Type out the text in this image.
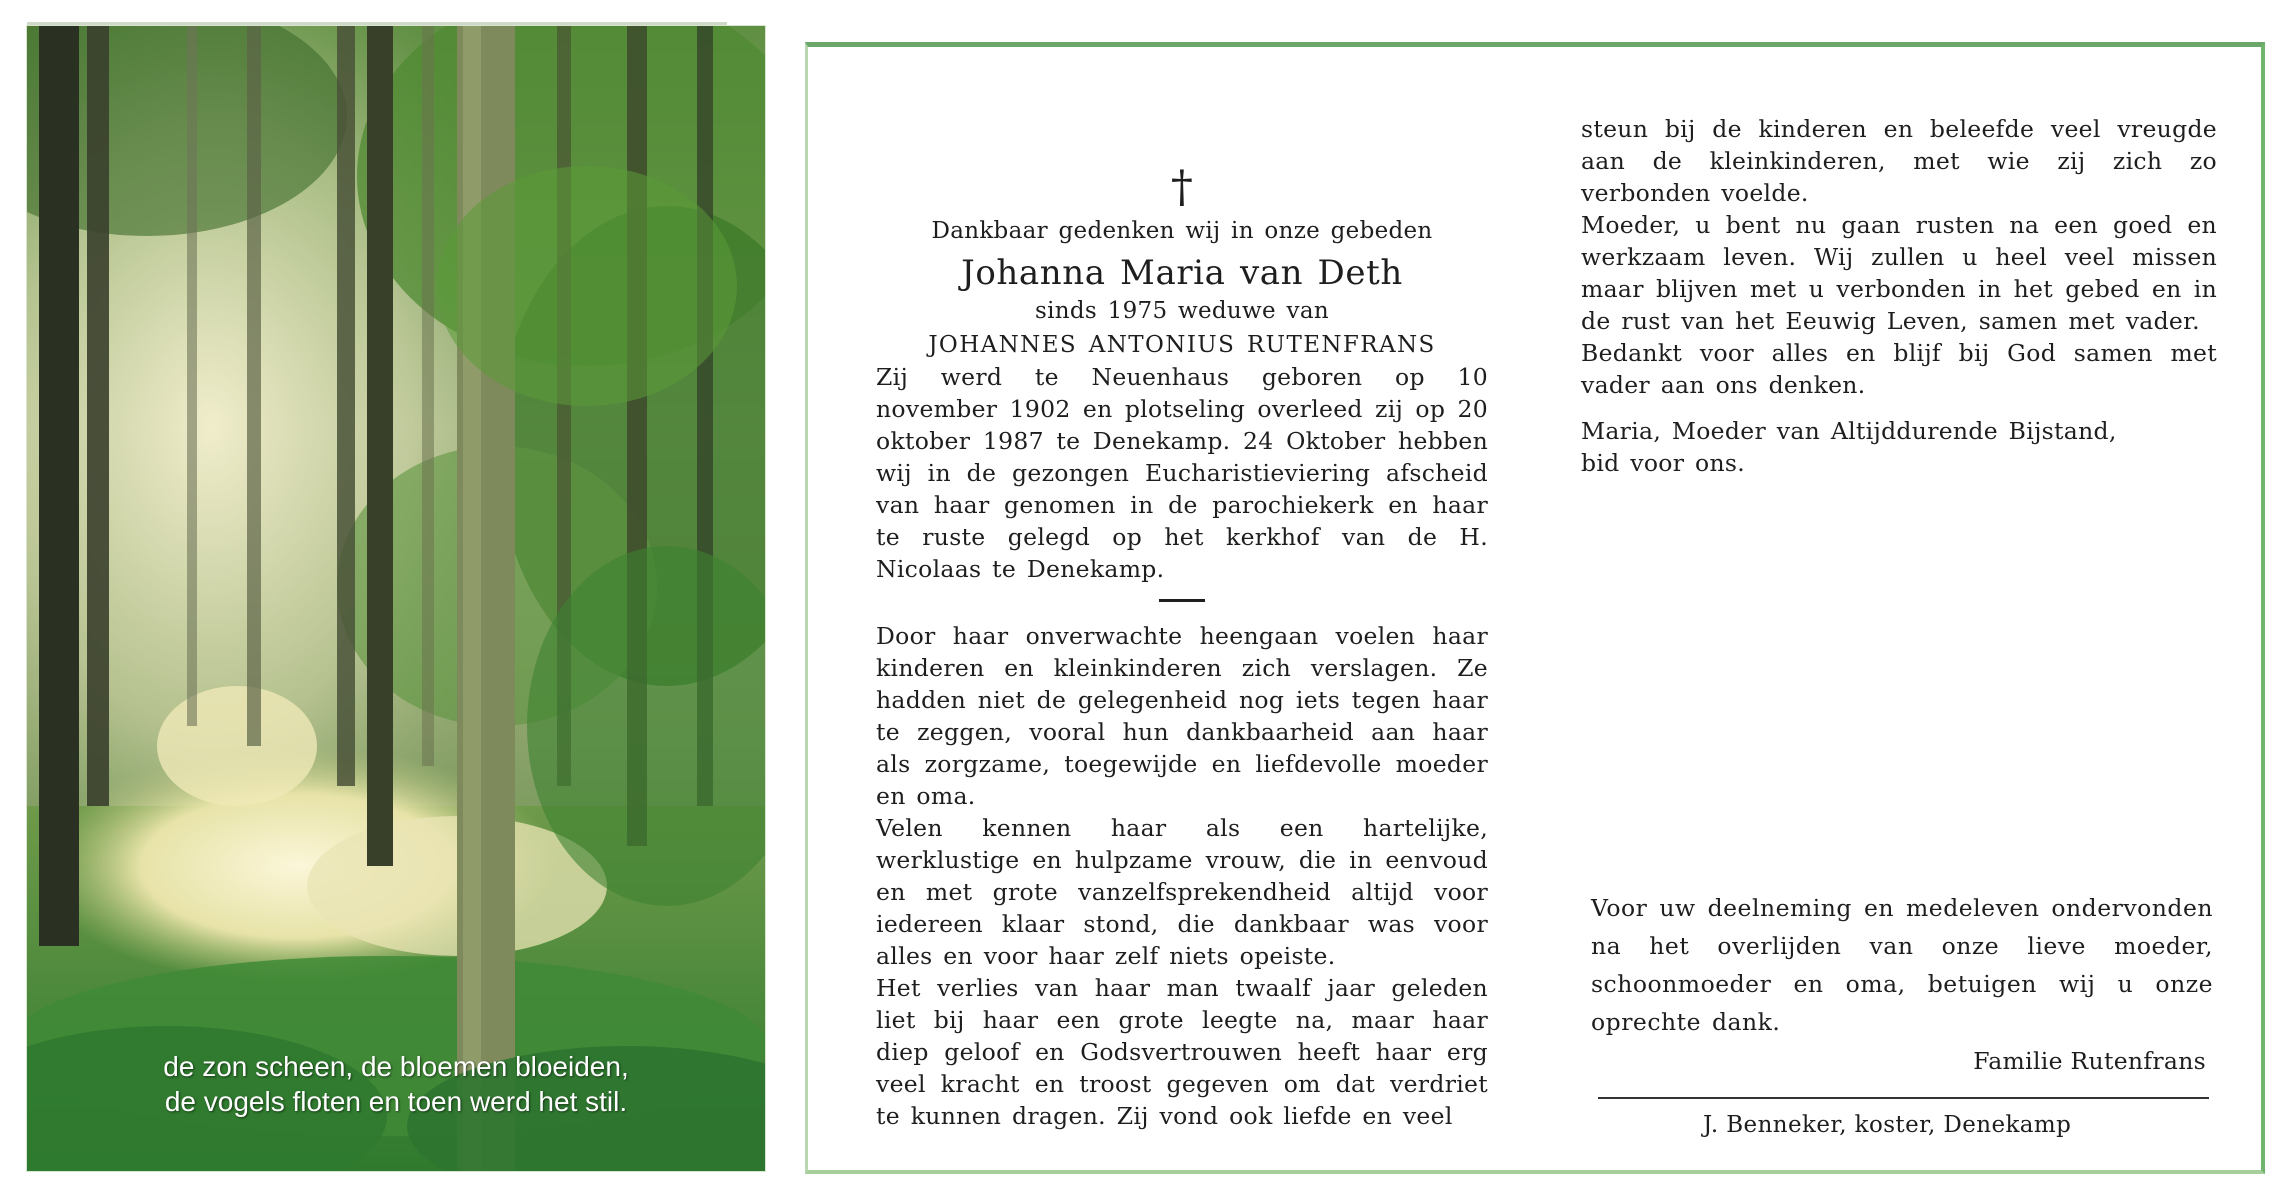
de zon scheen, de bloemen bloeiden,
de vogels floten en toen werd het stil.

†

Dankbaar gedenken wij in onze gebeden

Johanna Maria van Deth

sinds 1975 weduwe van

JOHANNES ANTONIUS RUTENFRANS

Zij werd te Neuenhaus geboren op 10 november 1902 en plotseling overleed zij op 20 oktober 1987 te Denekamp. 24 Oktober hebben wij in de gezongen Eucharistieviering afscheid van haar genomen in de parochiekerk en haar te ruste gelegd op het kerkhof van de H. Nicolaas te Denekamp.

Door haar onverwachte heengaan voelen haar kinderen en kleinkinderen zich verslagen. Ze hadden niet de gelegenheid nog iets tegen haar te zeggen, vooral hun dankbaarheid aan haar als zorgzame, toegewijde en liefdevolle moeder en oma.

Velen kennen haar als een hartelijke, werklustige en hulpzame vrouw, die in eenvoud en met grote vanzelfsprekendheid altijd voor iedereen klaar stond, die dankbaar was voor alles en voor haar zelf niets opeiste.

Het verlies van haar man twaalf jaar geleden liet bij haar een grote leegte na, maar haar diep geloof en Godsvertrouwen heeft haar erg veel kracht en troost gegeven om dat verdriet te kunnen dragen. Zij vond ook liefde en veel

steun bij de kinderen en beleefde veel vreugde aan de kleinkinderen, met wie zij zich zo verbonden voelde.

Moeder, u bent nu gaan rusten na een goed en werkzaam leven. Wij zullen u heel veel missen maar blijven met u verbonden in het gebed en in de rust van het Eeuwig Leven, samen met vader.

Bedankt voor alles en blijf bij God samen met vader aan ons denken.

Maria, Moeder van Altijddurende Bijstand,

bid voor ons.

Voor uw deelneming en medeleven ondervonden na het overlijden van onze lieve moeder, schoonmoeder en oma, betuigen wij u onze oprechte dank.

Familie Rutenfrans
J. Benneker, koster, Denekamp
